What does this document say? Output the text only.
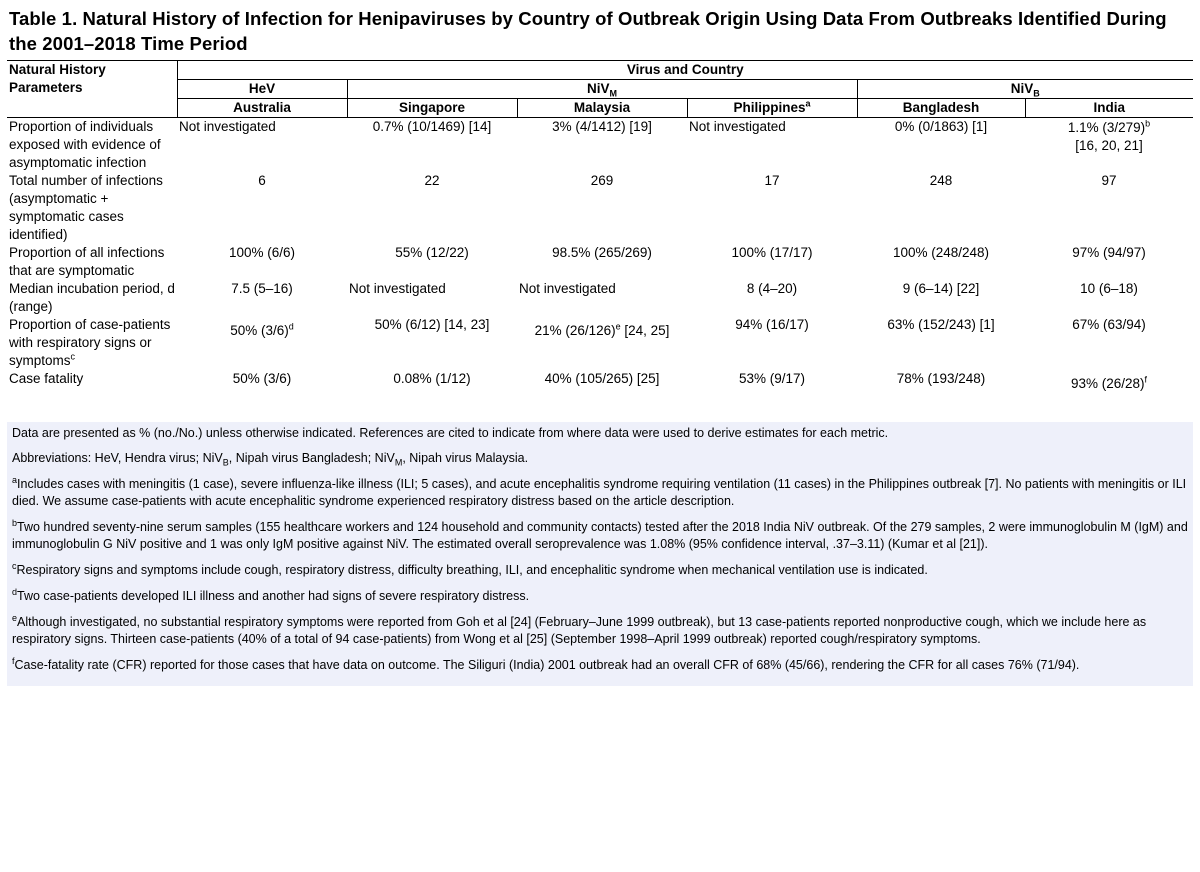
Table 1. Natural History of Infection for Henipaviruses by Country of Outbreak Origin Using Data From Outbreaks Identified During the 2001–2018 Time Period
Natural History Parameters	Virus and Country					
	HeV	NiV$_M$			NiV$_B$
	Australia	Singapore	Malaysia	Philippines$^a$	Bangladesh	India
Proportion of individuals exposed with evidence of asymptomatic infection	Not investigated	0.7% (10/1469) [14]	3% (4/1412) [19]	Not investigated	0% (0/1863) [1]	1.1% $(3/279)^b$
[16, 20, 21]
Total number of infections (asymptomatic + symptomatic cases identified)	6	22	269	17	248	97
Proportion of all infections that are symptomatic	100% (6/6)	55% (12/22)	98.5% (265/269)	100% (17/17)	100% (248/248)	97% (94/97)
Median incubation period, d (range)	7.5 (5–16)	Not investigated	Not investigated	8 (4–20)	9 (6–14) [22]	10 (6–18)
Proportion of case-patients with respiratory signs or symptoms$^c$	50% $(3/6)^d$	50% (6/12) [14, 23]	21% $(26/126)^e$ [24, 25]	94% (16/17)	63% (152/243) [1]	67% (63/94)
Case fatality	50% (3/6)	0.08% (1/12)	40% (105/265) [25]	53% (9/17)	78% (193/248)	93% $(26/28)^f$

Data are presented as % (no./No.) unless otherwise indicated. References are cited to indicate from where data were used to derive estimates for each metric.

Abbreviations: HeV, Hendra virus; NiV$_B$, Nipah virus Bangladesh; NiV$_M$, Nipah virus Malaysia.

$^a$Includes cases with meningitis (1 case), severe influenza-like illness (ILI; 5 cases), and acute encephalitis syndrome requiring ventilation (11 cases) in the Philippines outbreak [7]. No patients with meningitis or ILI died. We assume case-patients with acute encephalitic syndrome experienced respiratory distress based on the article description.

$^b$Two hundred seventy-nine serum samples (155 healthcare workers and 124 household and community contacts) tested after the 2018 India NiV outbreak. Of the 279 samples, 2 were immunoglobulin M (IgM) and immunoglobulin G NiV positive and 1 was only IgM positive against NiV. The estimated overall seroprevalence was 1.08% (95% confidence interval, .37–3.11) (Kumar et al [21]).

$^c$Respiratory signs and symptoms include cough, respiratory distress, difficulty breathing, ILI, and encephalitic syndrome when mechanical ventilation use is indicated.

$^d$Two case-patients developed ILI illness and another had signs of severe respiratory distress.

$^e$Although investigated, no substantial respiratory symptoms were reported from Goh et al [24] (February–June 1999 outbreak), but 13 case-patients reported nonproductive cough, which we include here as respiratory signs. Thirteen case-patients (40% of a total of 94 case-patients) from Wong et al [25] (September 1998–April 1999 outbreak) reported cough/respiratory symptoms.

$^f$Case-fatality rate (CFR) reported for those cases that have data on outcome. The Siliguri (India) 2001 outbreak had an overall CFR of 68% (45/66), rendering the CFR for all cases 76% (71/94).
